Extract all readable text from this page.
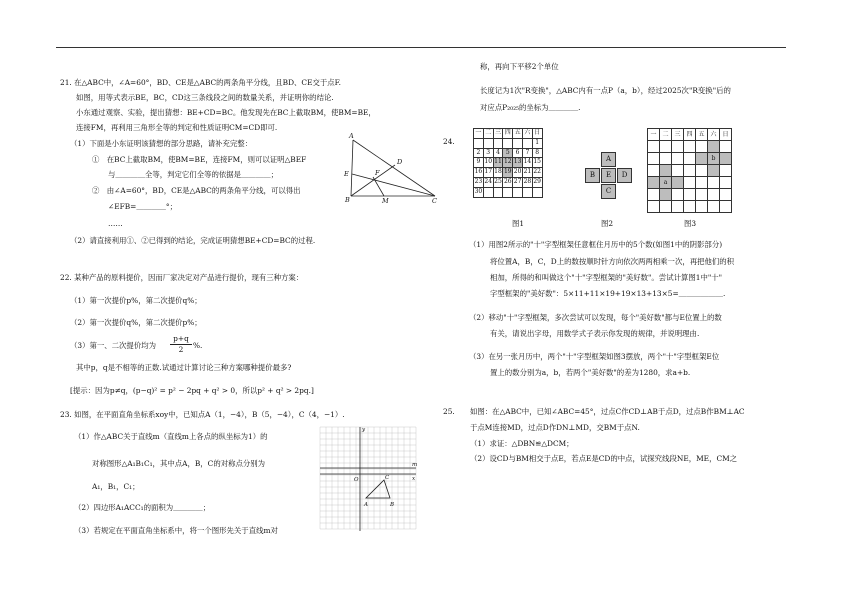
21. 在△ABC中，∠A=60°，BD、CE是△ABC的两条角平分线，且BD、CE交于点F.
如图，用等式表示BE，BC，CD这三条线段之间的数量关系，并证明你的结论.
小东通过观察、实验，提出猜想：BE+CD=BC。他发现先在BC上截取BM，使BM=BE，
连接FM，再利用三角形全等的判定和性质证明CM=CD即可.
（1）下面是小东证明该猜想的部分思路，请补充完整：
①　在BC上截取BM，使BM=BE，连接FM，则可以证明△BEF
与＿＿＿＿全等，判定它们全等的依据是＿＿＿＿；
②　由∠A=60°，BD，CE是△ABC的两条角平分线，可以得出
∠EFB=＿＿＿＿°；
……
（2）请直接利用①、②已得到的结论，完成证明猜想BE+CD=BC的过程.
A
B	C
D
E	F
M
22. 某种产品的原料提价，因而厂家决定对产品进行提价，现有三种方案：
（1）第一次提价p%，第二次提价q%；
（2）第一次提价q%，第二次提价p%；
（3）第一、二次提价均为 $\frac{p+q}{2}$ %.
其中p，q是不相等的正数.试通过计算讨论三种方案哪种提价最多?
[提示：因为p≠q，(p−q)² = p² − 2pq + q² > 0，所以p² + q² > 2pq.]
23. 如图，在平面直角坐标系xoy中，已知点A（1，−4），B（5，−4），C（4，−1）.
（1）作△ABC关于直线m（直线m上各点的纵坐标为1）的
对称图形△A₁B₁C₁，其中点A，B，C的对称点分别为
A₁，B₁，C₁；
（2）四边形A₁ACC₁的面积为＿＿＿＿；
（3）若规定在平面直角坐标系中，将一个图形先关于直线m对
y
x
m
O
A	B
C
称，再向下平移2个单位
长度记为1次"R变换"，△ABC内有一点P（a，b），经过2025次"R变换"后的
对应点P₂₀₂₅的坐标为＿＿＿＿.
24.
一	二	三	四	五	六	日
						1
2	3	4	5	6	7	8
9	10	11	12	13	14	15
16	17	18	19	20	21	22
23	24	25	26	27	28	29
30						
A
B	E	D
C
一	二	三	四	五	六	日

					b	

	a					

图1	图2	图3
（1）用图2所示的"十"字型框架任意框住月历中的5个数(如图1中的阴影部分)
将位置A，B，C，D上的数按顺时针方向依次两两相乘一次，再把他们的积
相加，所得的和叫做这个"十"字型框架的"美好数"。尝试计算图1中"十"
字型框架的"美好数"：5×11+11×19+19×13+13×5=＿＿＿＿＿＿.
（2）移动"十"字型框架，多次尝试可以发现，每个"美好数"都与E位置上的数
有关，请说出字母，用数学式子表示你发现的规律，并说明理由.
（3）在另一张月历中，两个"十"字型框架如图3摆放，两个"十"字型框架E位
置上的数分别为a，b，若两个"美好数"的差为1280，求a+b.
25. 如图：在△ABC中，已知∠ABC=45°，过点C作CD⊥AB于点D，过点B作BM⊥AC
于点M连接MD，过点D作DN⊥MD，交BM于点N.
（1）求证：△DBN≌△DCM；
（2）设CD与BM相交于点E，若点E是CD的中点，试探究线段NE，ME，CM之
